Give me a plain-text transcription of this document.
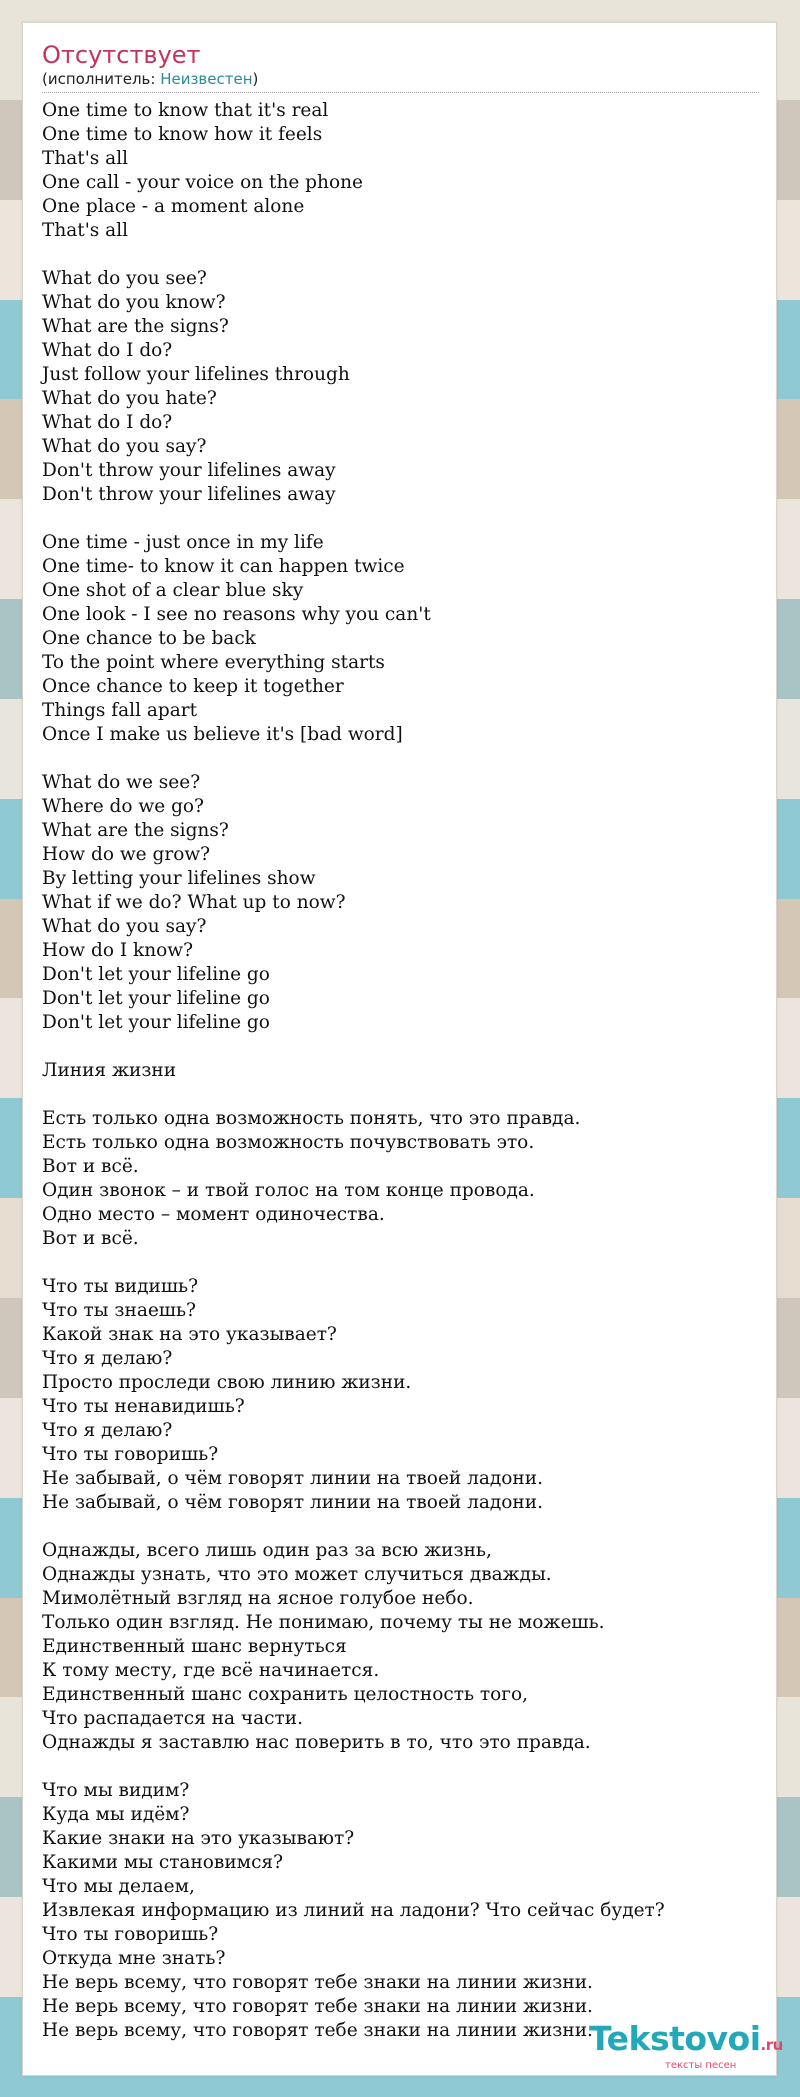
Отсутствует
(исполнитель: Неизвестен)
One time to know that it's real
One time to know how it feels
That's all
One call - your voice on the phone
One place - a moment alone
That's all
What do you see?
What do you know?
What are the signs?
What do I do?
Just follow your lifelines through
What do you hate?
What do I do?
What do you say?
Don't throw your lifelines away
Don't throw your lifelines away
One time - just once in my life
One time- to know it can happen twice
One shot of a clear blue sky
One look - I see no reasons why you can't
One chance to be back
To the point where everything starts
Once chance to keep it together
Things fall apart
Once I make us believe it's [bad word]
What do we see?
Where do we go?
What are the signs?
How do we grow?
By letting your lifelines show
What if we do? What up to now?
What do you say?
How do I know?
Don't let your lifeline go
Don't let your lifeline go
Don't let your lifeline go
Линия жизни
Есть только одна возможность понять, что это правда.
Есть только одна возможность почувствовать это.
Вот и всё.
Один звонок – и твой голос на том конце провода.
Одно место – момент одиночества.
Вот и всё.
Что ты видишь?
Что ты знаешь?
Какой знак на это указывает?
Что я делаю?
Просто проследи свою линию жизни.
Что ты ненавидишь?
Что я делаю?
Что ты говоришь?
Не забывай, о чём говорят линии на твоей ладони.
Не забывай, о чём говорят линии на твоей ладони.
Однажды, всего лишь один раз за всю жизнь,
Однажды узнать, что это может случиться дважды.
Мимолётный взгляд на ясное голубое небо.
Только один взгляд. Не понимаю, почему ты не можешь.
Единственный шанс вернуться
К тому месту, где всё начинается.
Единственный шанс сохранить целостность того,
Что распадается на части.
Однажды я заставлю нас поверить в то, что это правда.
Что мы видим?
Куда мы идём?
Какие знаки на это указывают?
Какими мы становимся?
Что мы делаем,
Извлекая информацию из линий на ладони? Что сейчас будет?
Что ты говоришь?
Откуда мне знать?
Не верь всему, что говорят тебе знаки на линии жизни.
Не верь всему, что говорят тебе знаки на линии жизни.
Не верь всему, что говорят тебе знаки на линии жизни.
Tekstovoi.ru
тексты песен
